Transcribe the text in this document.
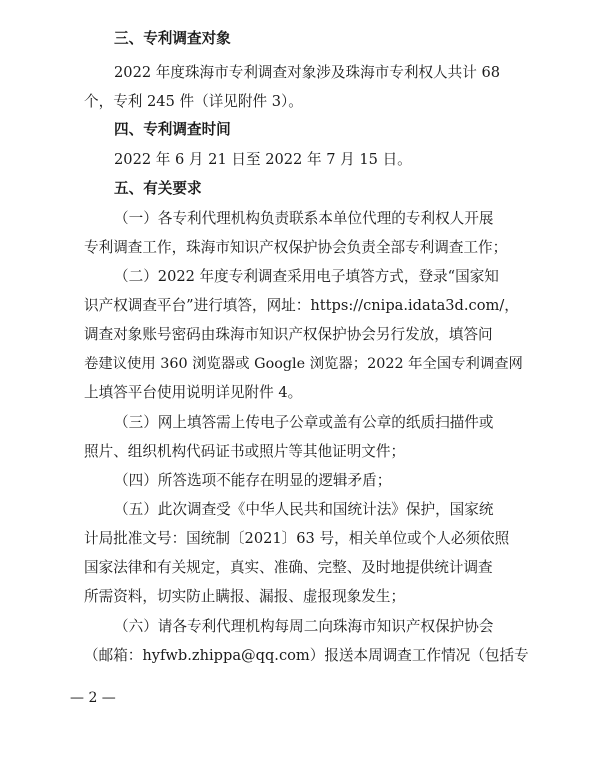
三、专利调查对象
2022 年度珠海市专利调查对象涉及珠海市专利权人共计 68
个，专利 245 件（详见附件 3）。
四、专利调查时间
2022 年 6 月 21 日至 2022 年 7 月 15 日。
五、有关要求
（一）各专利代理机构负责联系本单位代理的专利权人开展
专利调查工作，珠海市知识产权保护协会负责全部专利调查工作；
（二）2022 年度专利调查采用电子填答方式，登录“国家知
识产权调查平台”进行填答，网址：https://cnipa.idata3d.com/，
调查对象账号密码由珠海市知识产权保护协会另行发放，填答问
卷建议使用 360 浏览器或 Google 浏览器；2022 年全国专利调查网
上填答平台使用说明详见附件 4。
（三）网上填答需上传电子公章或盖有公章的纸质扫描件或
照片、组织机构代码证书或照片等其他证明文件；
（四）所答选项不能存在明显的逻辑矛盾；
（五）此次调查受《中华人民共和国统计法》保护，国家统
计局批准文号：国统制〔2021〕63 号，相关单位或个人必须依照
国家法律和有关规定，真实、准确、完整、及时地提供统计调查
所需资料，切实防止瞒报、漏报、虚报现象发生；
（六）请各专利代理机构每周二向珠海市知识产权保护协会
（邮箱：hyfwb.zhippa@qq.com）报送本周调查工作情况（包括专
— 2 —
